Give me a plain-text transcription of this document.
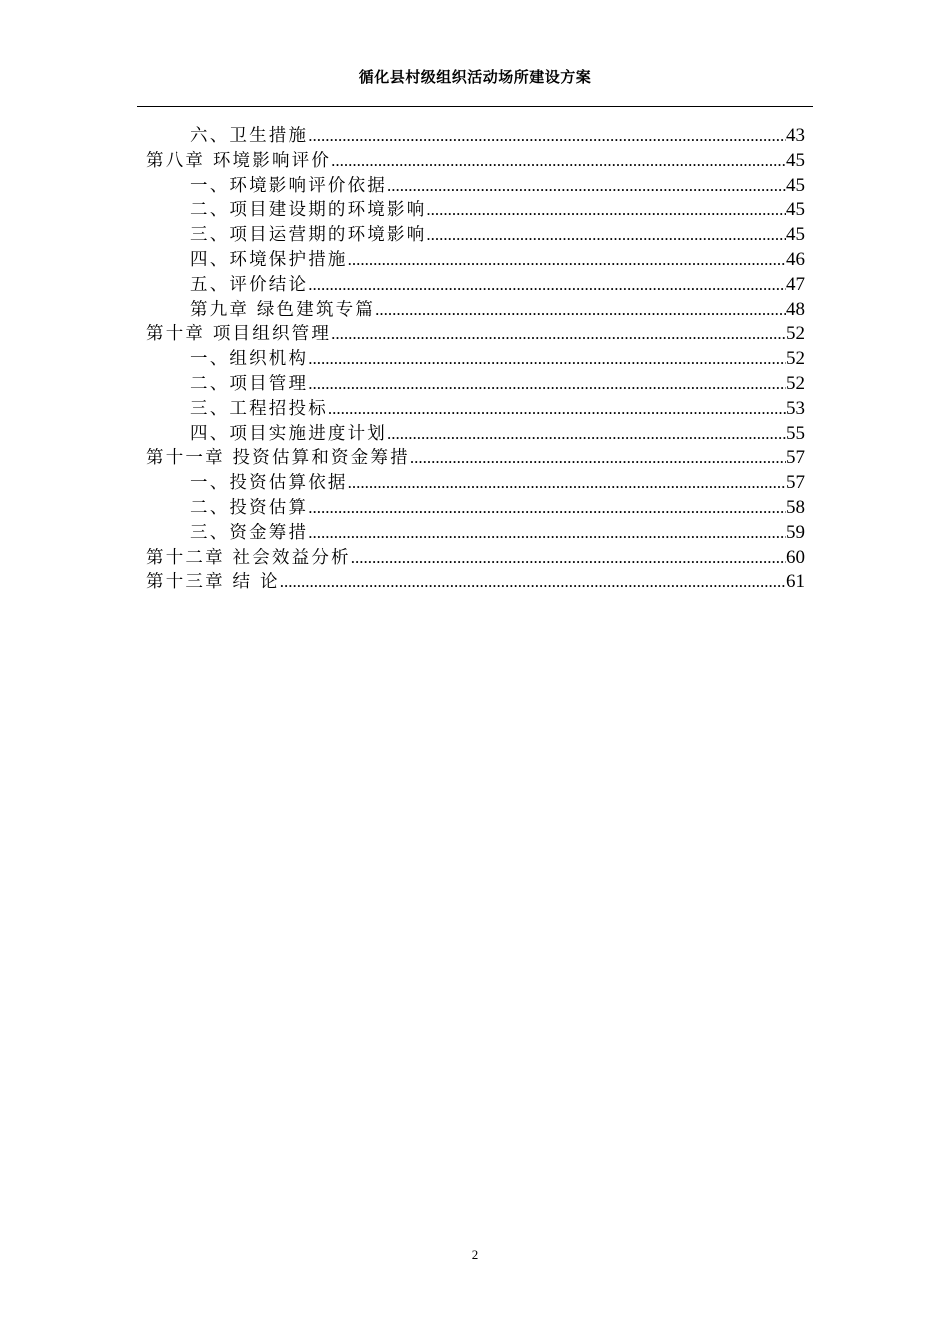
循化县村级组织活动场所建设方案
六、卫生措施 .....	43
第八章 环境影响评价 .....	45
一、环境影响评价依据 .....	45
二、项目建设期的环境影响 .....	45
三、项目运营期的环境影响 .....	45
四、环境保护措施 .....	46
五、评价结论 .....	47
第九章 绿色建筑专篇 .....	48
第十章 项目组织管理 .....	52
一、组织机构 .....	52
二、项目管理 .....	52
三、工程招投标 .....	53
四、项目实施进度计划 .....	55
第十一章 投资估算和资金筹措 .....	57
一、投资估算依据 .....	57
二、投资估算 .....	58
三、资金筹措 .....	59
第十二章 社会效益分析 .....	60
第十三章 结 论 .....	61
2
